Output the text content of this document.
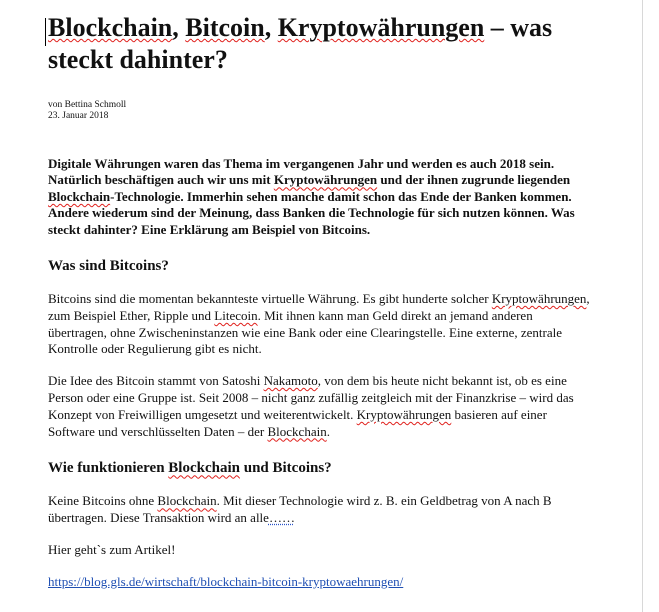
Blockchain, Bitcoin, Kryptowährungen – was steckt dahinter?
von Bettina Schmoll
23. Januar 2018
Digitale Währungen waren das Thema im vergangenen Jahr und werden es auch 2018 sein. Natürlich beschäftigen auch wir uns mit Kryptowährungen und der ihnen zugrunde liegenden Blockchain-Technologie. Immerhin sehen manche damit schon das Ende der Banken kommen. Andere wiederum sind der Meinung, dass Banken die Technologie für sich nutzen können. Was steckt dahinter? Eine Erklärung am Beispiel von Bitcoins.
Was sind Bitcoins?

Bitcoins sind die momentan bekannteste virtuelle Währung. Es gibt hunderte solcher Kryptowährungen, zum Beispiel Ether, Ripple und Litecoin. Mit ihnen kann man Geld direkt an jemand anderen übertragen, ohne Zwischeninstanzen wie eine Bank oder eine Clearingstelle. Eine externe, zentrale Kontrolle oder Regulierung gibt es nicht.

Die Idee des Bitcoin stammt von Satoshi Nakamoto, von dem bis heute nicht bekannt ist, ob es eine Person oder eine Gruppe ist. Seit 2008 – nicht ganz zufällig zeitgleich mit der Finanzkrise – wird das Konzept von Freiwilligen umgesetzt und weiterentwickelt. Kryptowährungen basieren auf einer Software und verschlüsselten Daten – der Blockchain.

Wie funktionieren Blockchain und Bitcoins?

Keine Bitcoins ohne Blockchain. Mit dieser Technologie wird z. B. ein Geldbetrag von A nach B übertragen. Diese Transaktion wird an alle……

Hier geht`s zum Artikel!

https://blog.gls.de/wirtschaft/blockchain-bitcoin-kryptowaehrungen/
